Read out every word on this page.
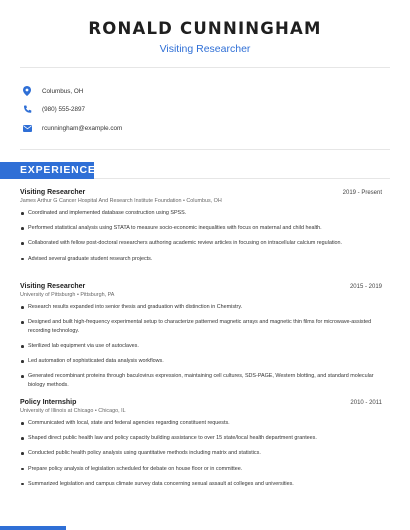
RONALD CUNNINGHAM
Visiting Researcher
Columbus, OH
(980) 555-2897
rcunningham@example.com
EXPERIENCE
Visiting Researcher	2019 - Present
James Arthur G Cancer Hospital And Research Institute Foundation • Columbus, OH
Coordinated and implemented database construction using SPSS.
Performed statistical analysis using STATA to measure socio-economic inequalities with focus on maternal and child health.
Collaborated with fellow post-doctoral researchers authoring academic review articles in focusing on intracellular calcium regulation.
Advised several graduate student research projects.
Visiting Researcher	2015 - 2019
University of Pittsburgh • Pittsburgh, PA
Research results expanded into senior thesis and graduation with distinction in Chemistry.
Designed and built high-frequency experimental setup to characterize patterned magnetic arrays and magnetic thin films for microwave-assisted recording technology.
Sterilized lab equipment via use of autoclaves.
Led automation of sophisticated data analysis workflows.
Generated recombinant proteins through baculovirus expression, maintaining cell cultures, SDS-PAGE, Western blotting, and standard molecular biology methods.
Policy Internship	2010 - 2011
University of Illinois at Chicago • Chicago, IL
Communicated with local, state and federal agencies regarding constituent requests.
Shaped direct public health law and policy capacity building assistance to over 15 state/local health department grantees.
Conducted public health policy analysis using quantitative methods including matrix and statistics.
Prepare policy analysis of legislation scheduled for debate on house floor or in committee.
Summarized legislation and campus climate survey data concerning sexual assault at colleges and universities.
